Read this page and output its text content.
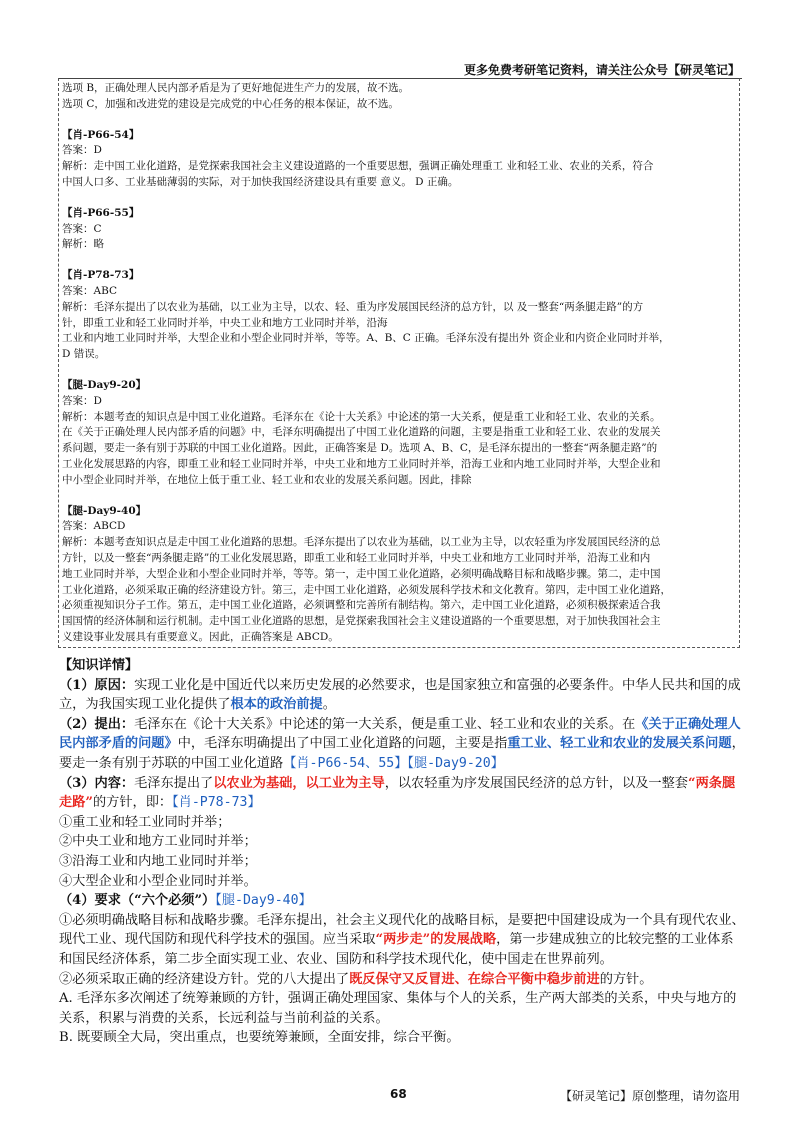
更多免费考研笔记资料，请关注公众号【研灵笔记】

选项 B，正确处理人民内部矛盾是为了更好地促进生产力的发展，故不选。

选项 C，加强和改进党的建设是完成党的中心任务的根本保证，故不选。

【肖-P66-54】

答案：D

解析：走中国工业化道路，是党探索我国社会主义建设道路的一个重要思想，强调正确处理重工 业和轻工业、农业的关系，符合

中国人口多、工业基础薄弱的实际，对于加快我国经济建设具有重要 意义。 D 正确。

【肖-P66-55】

答案：C

解析：略

【肖-P78-73】

答案：ABC

解析：毛泽东提出了以农业为基础，以工业为主导，以农、轻、重为序发展国民经济的总方针，以 及一整套“两条腿走路”的方

针，即重工业和轻工业同时并举，中央工业和地方工业同时并举，沿海

工业和内地工业同时并举，大型企业和小型企业同时并举，等等。A、B、C 正确。毛泽东没有提出外 资企业和内资企业同时并举，

D 错误。

【腿-Day9-20】

答案：D

解析：本题考查的知识点是中国工业化道路。毛泽东在《论十大关系》中论述的第一大关系，便是重工业和轻工业、农业的关系。

在《关于正确处理人民内部矛盾的问题》中，毛泽东明确提出了中国工业化道路的问题，主要是指重工业和轻工业、农业的发展关

系问题，要走一条有别于苏联的中国工业化道路。因此，正确答案是 D。选项 A、B、C，是毛泽东提出的一整套“两条腿走路”的

工业化发展思路的内容，即重工业和轻工业同时并举，中央工业和地方工业同时并举，沿海工业和内地工业同时并举，大型企业和

中小型企业同时并举，在地位上低于重工业、轻工业和农业的发展关系问题。因此，排除

【腿-Day9-40】

答案：ABCD

解析：本题考查知识点是走中国工业化道路的思想。毛泽东提出了以农业为基础，以工业为主导，以农轻重为序发展国民经济的总

方针，以及一整套“两条腿走路”的工业化发展思路，即重工业和轻工业同时并举，中央工业和地方工业同时并举，沿海工业和内

地工业同时并举，大型企业和小型企业同时并举，等等。第一，走中国工业化道路，必须明确战略目标和战略步骤。第二，走中国

工业化道路，必须采取正确的经济建设方针。第三，走中国工业化道路，必须发展科学技术和文化教育。第四，走中国工业化道路，

必须重视知识分子工作。第五，走中国工业化道路，必须调整和完善所有制结构。第六，走中国工业化道路，必须积极探索适合我

国国情的经济体制和运行机制。走中国工业化道路的思想，是党探索我国社会主义建设道路的一个重要思想，对于加快我国社会主

义建设事业发展具有重要意义。因此，正确答案是 ABCD。

【知识详情】

（1）原因：实现工业化是中国近代以来历史发展的必然要求，也是国家独立和富强的必要条件。中华人民共和国的成立，为我国实现工业化提供了根本的政治前提。

（2）提出：毛泽东在《论十大关系》中论述的第一大关系，便是重工业、轻工业和农业的关系。在《关于正确处理人民内部矛盾的问题》中，毛泽东明确提出了中国工业化道路的问题，主要是指重工业、轻工业和农业的发展关系问题，要走一条有别于苏联的中国工业化道路【肖-P66-54、55】【腿-Day9-20】

（3）内容：毛泽东提出了以农业为基础，以工业为主导，以农轻重为序发展国民经济的总方针，以及一整套“两条腿走路”的方针，即：【肖-P78-73】

①重工业和轻工业同时并举；

②中央工业和地方工业同时并举；

③沿海工业和内地工业同时并举；

④大型企业和小型企业同时并举。

（4）要求（“六个必须”）【腿-Day9-40】

①必须明确战略目标和战略步骤。毛泽东提出，社会主义现代化的战略目标，是要把中国建设成为一个具有现代农业、现代工业、现代国防和现代科学技术的强国。应当采取“两步走”的发展战略，第一步建成独立的比较完整的工业体系和国民经济体系，第二步全面实现工业、农业、国防和科学技术现代化，使中国走在世界前列。

②必须采取正确的经济建设方针。党的八大提出了既反保守又反冒进、在综合平衡中稳步前进的方针。

A. 毛泽东多次阐述了统筹兼顾的方针，强调正确处理国家、集体与个人的关系，生产两大部类的关系，中央与地方的关系，积累与消费的关系，长远利益与当前利益的关系。

B. 既要顾全大局，突出重点，也要统筹兼顾，全面安排，综合平衡。

68	【研灵笔记】原创整理，请勿盗用
